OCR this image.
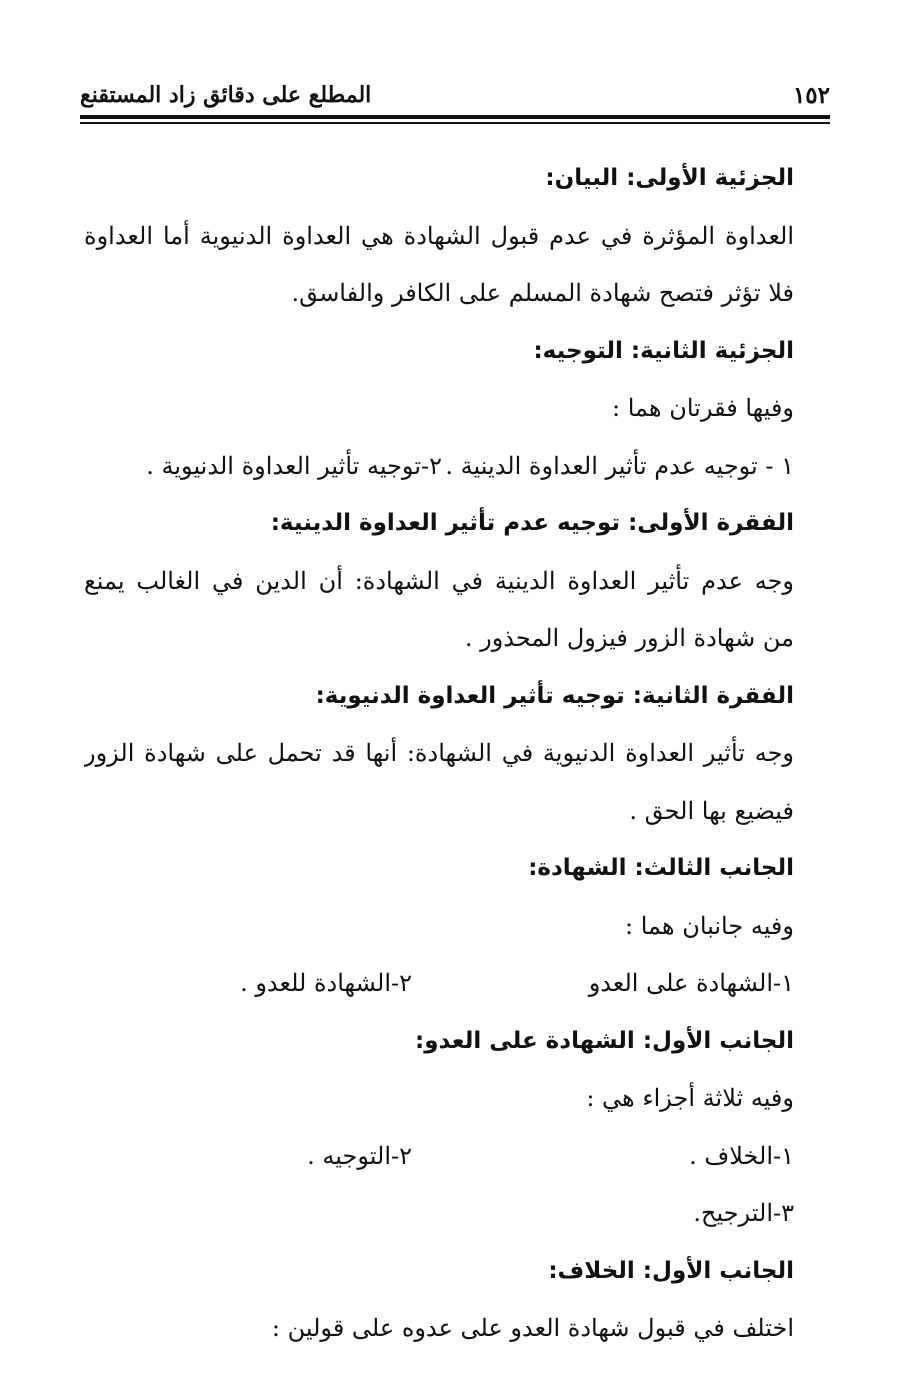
١٥٢
المطلع على دقائق زاد المستقنع
الجزئية الأولى: البيان:
العداوة المؤثرة في عدم قبول الشهادة هي العداوة الدنيوية أما العداوة
فلا تؤثر فتصح شهادة المسلم على الكافر والفاسق.
الجزئية الثانية: التوجيه:
وفيها فقرتان هما :
١ - توجيه عدم تأثير العداوة الدينية .
٢-توجيه تأثير العداوة الدنيوية .
الفقرة الأولى: توجيه عدم تأثير العداوة الدينية:
وجه عدم تأثير العداوة الدينية في الشهادة: أن الدين في الغالب يمنع
من شهادة الزور فيزول المحذور .
الفقرة الثانية: توجيه تأثير العداوة الدنيوية:
وجه تأثير العداوة الدنيوية في الشهادة: أنها قد تحمل على شهادة الزور
فيضيع بها الحق .
الجانب الثالث: الشهادة:
وفيه جانبان هما :
١-الشهادة على العدو
٢-الشهادة للعدو .
الجانب الأول: الشهادة على العدو:
وفيه ثلاثة أجزاء هي :
١-الخلاف .
٢-التوجيه .
٣-الترجيح.
الجانب الأول: الخلاف:
اختلف في قبول شهادة العدو على عدوه على قولين :
